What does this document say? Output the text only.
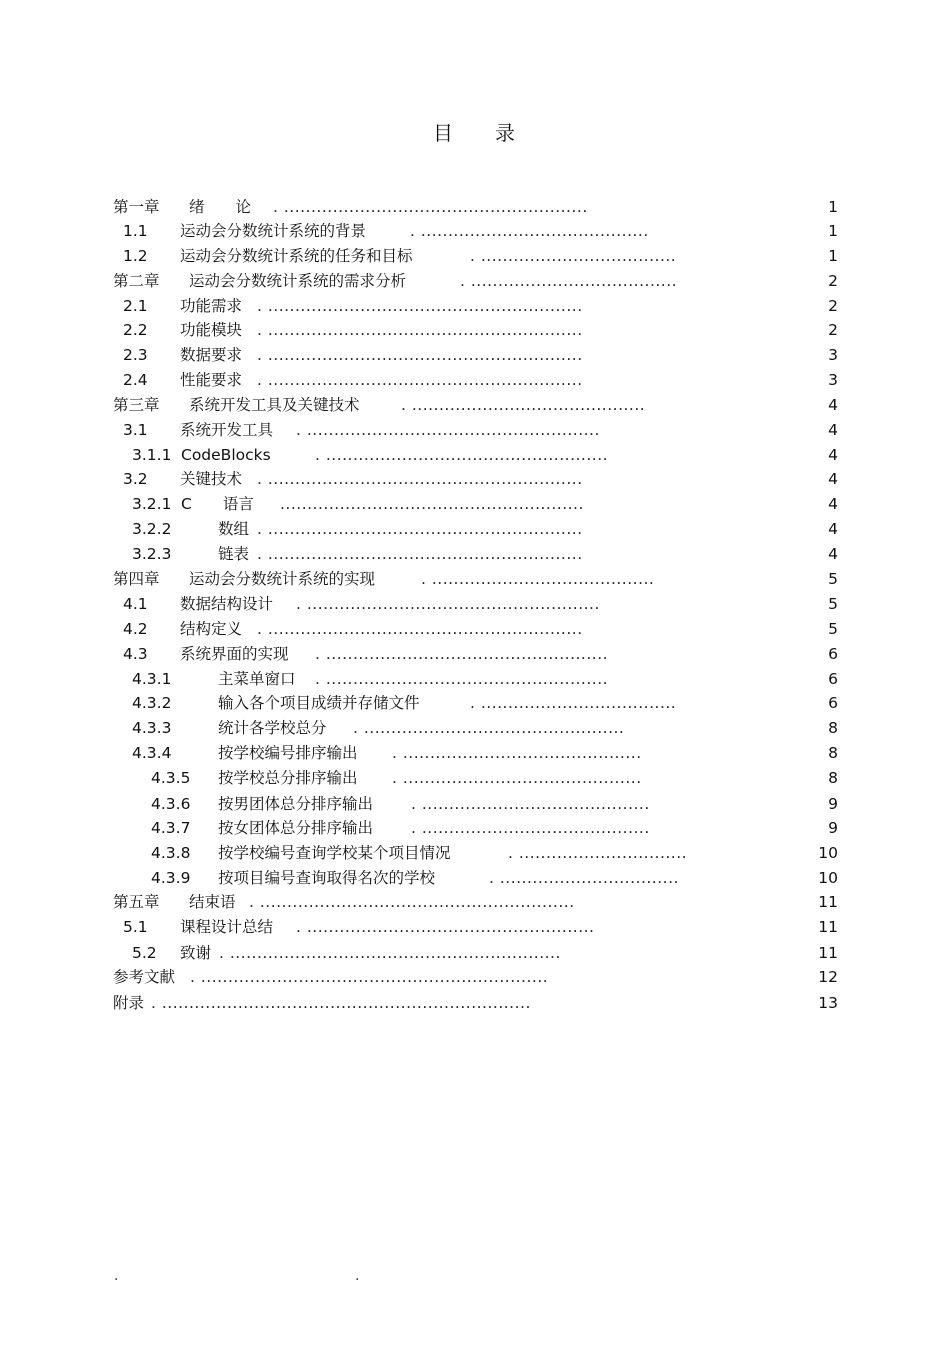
目 录
第一章 绪　　论 . ........................................................	1
1.1 运动会分数统计系统的背景	. ..........................................	1
1.2 运动会分数统计系统的任务和目标	. ....................................	1
第二章 运动会分数统计系统的需求分析	. ......................................	2
2.1 功能需求 . ..........................................................	2
2.2 功能模块 . ..........................................................	2
2.3 数据要求 . ..........................................................	3
2.4 性能要求 . ..........................................................	3
第三章 系统开发工具及关键技术	. ...........................................	4
3.1 系统开发工具 . ......................................................	4
3.1.1 CodeBlocks	. ....................................................	4
3.2 关键技术 . ..........................................................	4
3.2.1 C　　语言 ........................................................	4
3.2.2	数组 . ..........................................................	4
3.2.3	链表 . ..........................................................	4
第四章 运动会分数统计系统的实现	. .........................................	5
4.1 数据结构设计 . ......................................................	5
4.2 结构定义 . ..........................................................	5
4.3 系统界面的实现 . ....................................................	6
4.3.1	主菜单窗口 . ....................................................	6
4.3.2	输入各个项目成绩并存储文件	. ....................................	6
4.3.3	统计各学校总分 . ................................................	8
4.3.4	按学校编号排序输出 . ............................................	8
4.3.5 按学校总分排序输出 . ............................................	8
4.3.6 按男团体总分排序输出 . ..........................................	9
4.3.7 按女团体总分排序输出 . ..........................................	9
4.3.8 按学校编号查询学校某个项目情况	. ...............................	10
4.3.9 按项目编号查询取得名次的学校	. .................................	10
第五章 结束语 . ..........................................................	11
5.1 课程设计总结 . .....................................................	11
5.2 致谢 . .............................................................	11
参考文献 . ................................................................	12
附录 . ....................................................................	13
.	.
